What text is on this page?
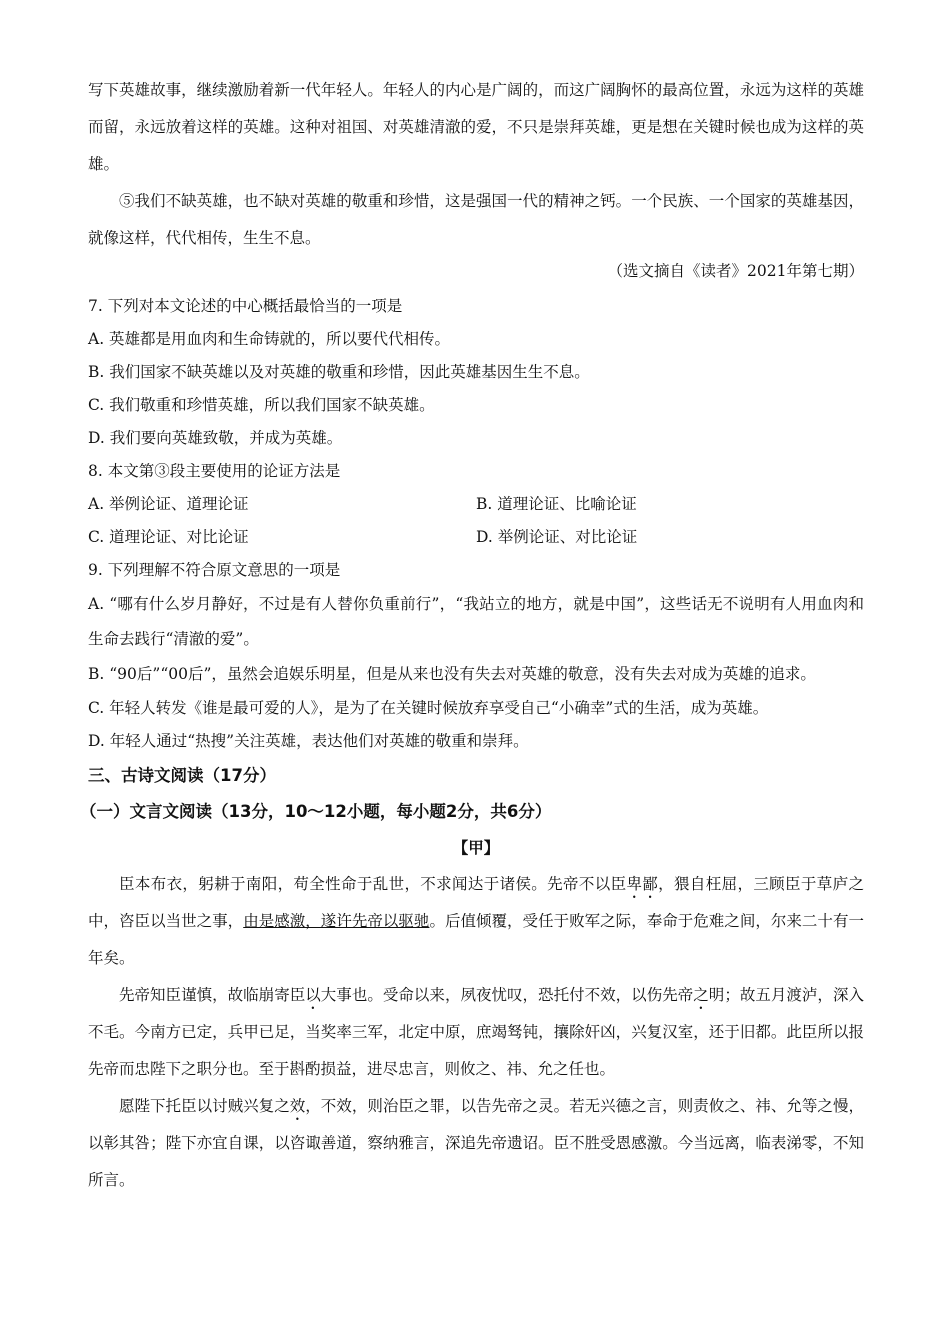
写下英雄故事，继续激励着新一代年轻人。年轻人的内心是广阔的，而这广阔胸怀的最高位置，永远为这样的英雄而留，永远放着这样的英雄。这种对祖国、对英雄清澈的爱，不只是崇拜英雄，更是想在关键时候也成为这样的英雄。

⑤我们不缺英雄，也不缺对英雄的敬重和珍惜，这是强国一代的精神之钙。一个民族、一个国家的英雄基因，就像这样，代代相传，生生不息。

（选文摘自《读者》2021年第七期）

7. 下列对本文论述的中心概括最恰当的一项是

A. 英雄都是用血肉和生命铸就的，所以要代代相传。

B. 我们国家不缺英雄以及对英雄的敬重和珍惜，因此英雄基因生生不息。

C. 我们敬重和珍惜英雄，所以我们国家不缺英雄。

D. 我们要向英雄致敬，并成为英雄。

8. 本文第③段主要使用的论证方法是

A. 举例论证、道理论证	B. 道理论证、比喻论证
C. 道理论证、对比论证	D. 举例论证、对比论证

9. 下列理解不符合原文意思的一项是

A. “哪有什么岁月静好，不过是有人替你负重前行”，“我站立的地方，就是中国”，这些话无不说明有人用血肉和生命去践行“清澈的爱”。

B. “90后”“00后”，虽然会追娱乐明星，但是从来也没有失去对英雄的敬意，没有失去对成为英雄的追求。

C. 年轻人转发《谁是最可爱的人》，是为了在关键时候放弃享受自己“小确幸”式的生活，成为英雄。

D. 年轻人通过“热搜”关注英雄，表达他们对英雄的敬重和崇拜。

三、古诗文阅读（17分）

（一）文言文阅读（13分，10～12小题，每小题2分，共6分）

【甲】

臣本布衣，躬耕于南阳，苟全性命于乱世，不求闻达于诸侯。先帝不以臣卑鄙，猥自枉屈，三顾臣于草庐之中，咨臣以当世之事，由是感激，遂许先帝以驱驰。后值倾覆，受任于败军之际，奉命于危难之间，尔来二十有一年矣。

先帝知臣谨慎，故临崩寄臣以大事也。受命以来，夙夜忧叹，恐托付不效，以伤先帝之明；故五月渡泸，深入不毛。今南方已定，兵甲已足，当奖率三军，北定中原，庶竭驽钝，攘除奸凶，兴复汉室，还于旧都。此臣所以报先帝而忠陛下之职分也。至于斟酌损益，进尽忠言，则攸之、祎、允之任也。

愿陛下托臣以讨贼兴复之效，不效，则治臣之罪，以告先帝之灵。若无兴德之言，则责攸之、祎、允等之慢，以彰其咎；陛下亦宜自课，以咨诹善道，察纳雅言，深追先帝遗诏。臣不胜受恩感激。今当远离，临表涕零，不知所言。
